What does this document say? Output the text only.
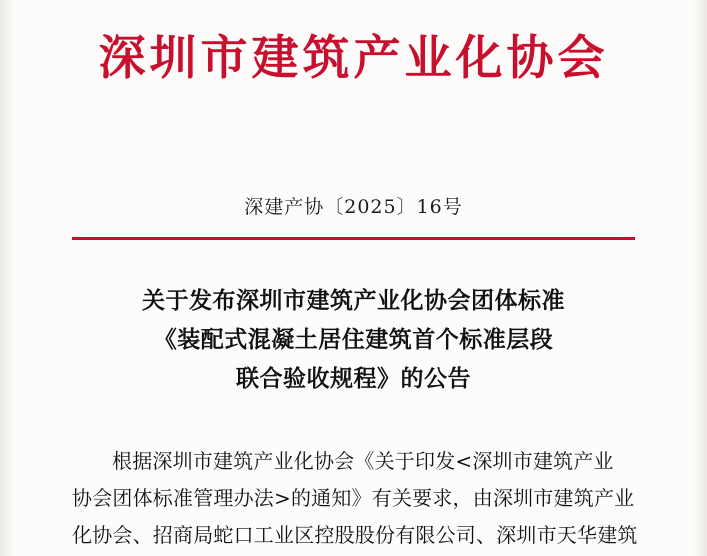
深圳市建筑产业化协会
深建产协〔2025〕16号
关于发布深圳市建筑产业化协会团体标准
《装配式混凝土居住建筑首个标准层段
联合验收规程》的公告
根据深圳市建筑产业化协会《关于印发<深圳市建筑产业
协会团体标准管理办法>的通知》有关要求，由深圳市建筑产业
化协会、招商局蛇口工业区控股股份有限公司、深圳市天华建筑
